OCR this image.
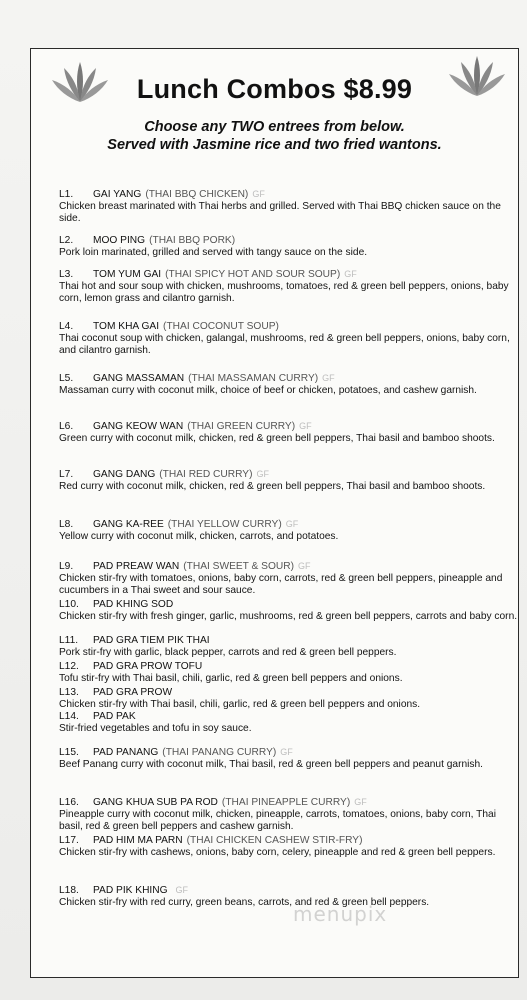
Lunch Combos $8.99
Choose any TWO entrees from below.
Served with Jasmine rice and two fried wantons.
L1. GAI YANG (THAI BBQ CHICKEN) GF
Chicken breast marinated with Thai herbs and grilled. Served with Thai BBQ chicken sauce on the side.
L2. MOO PING (THAI BBQ PORK)
Pork loin marinated, grilled and served with tangy sauce on the side.
L3. TOM YUM GAI (THAI SPICY HOT AND SOUR SOUP) GF
Thai hot and sour soup with chicken, mushrooms, tomatoes, red & green bell peppers, onions, baby corn, lemon grass and cilantro garnish.
L4. TOM KHA GAI (THAI COCONUT SOUP)
Thai coconut soup with chicken, galangal, mushrooms, red & green bell peppers, onions, baby corn, and cilantro garnish.
L5. GANG MASSAMAN (THAI MASSAMAN CURRY) GF
Massaman curry with coconut milk, choice of beef or chicken, potatoes, and cashew garnish.
L6. GANG KEOW WAN (THAI GREEN CURRY) GF
Green curry with coconut milk, chicken, red & green bell peppers, Thai basil and bamboo shoots.
L7. GANG DANG (THAI RED CURRY) GF
Red curry with coconut milk, chicken, red & green bell peppers, Thai basil and bamboo shoots.
L8. GANG KA-REE (THAI YELLOW CURRY) GF
Yellow curry with coconut milk, chicken, carrots, and potatoes.
L9. PAD PREAW WAN (THAI SWEET & SOUR) GF
Chicken stir-fry with tomatoes, onions, baby corn, carrots, red & green bell peppers, pineapple and cucumbers in a Thai sweet and sour sauce.
L10. PAD KHING SOD
Chicken stir-fry with fresh ginger, garlic, mushrooms, red & green bell peppers, carrots and baby corn.
L11. PAD GRA TIEM PIK THAI
Pork stir-fry with garlic, black pepper, carrots and red & green bell peppers.
L12. PAD GRA PROW TOFU
Tofu stir-fry with Thai basil, chili, garlic, red & green bell peppers and onions.
L13. PAD GRA PROW
Chicken stir-fry with Thai basil, chili, garlic, red & green bell peppers and onions.
L14. PAD PAK
Stir-fried vegetables and tofu in soy sauce.
L15. PAD PANANG (THAI PANANG CURRY) GF
Beef Panang curry with coconut milk, Thai basil, red & green bell peppers and peanut garnish.
L16. GANG KHUA SUB PA ROD (THAI PINEAPPLE CURRY) GF
Pineapple curry with coconut milk, chicken, pineapple, carrots, tomatoes, onions, baby corn, Thai basil, red & green bell peppers and cashew garnish.
L17. PAD HIM MA PARN (THAI CHICKEN CASHEW STIR-FRY)
Chicken stir-fry with cashews, onions, baby corn, celery, pineapple and red & green bell peppers.
L18. PAD PIK KHING GF
Chicken stir-fry with red curry, green beans, carrots, and red & green bell peppers.
menupix
